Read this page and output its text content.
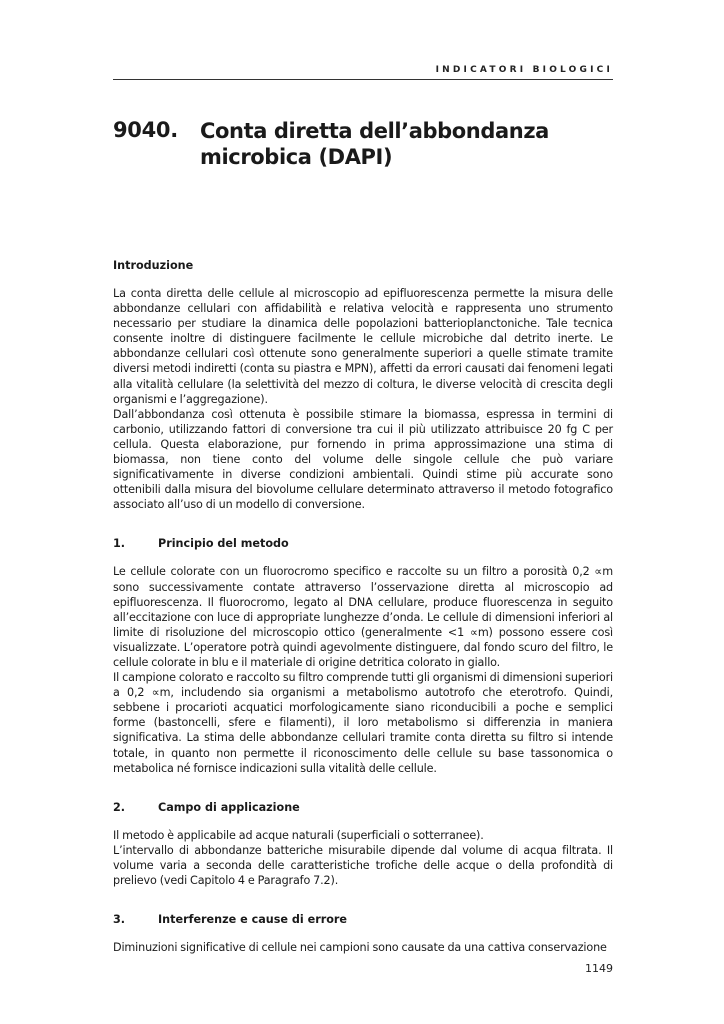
INDICATORI BIOLOGICI
9040. Conta diretta dell’abbondanza microbica (DAPI)
Introduzione

La conta diretta delle cellule al microscopio ad epifluorescenza permette la misura delle abbondanze cellulari con affidabilità e relativa velocità e rappresenta uno strumento necessario per studiare la dinamica delle popolazioni batterioplanctoniche. Tale tecnica consente inoltre di distinguere facilmente le cellule microbiche dal detrito inerte. Le abbondanze cellulari così ottenute sono generalmente superiori a quelle stimate tramite diversi metodi indiretti (conta su piastra e MPN), affetti da errori causati dai fenomeni legati alla vitalità cellulare (la selettività del mezzo di coltura, le diverse velocità di crescita degli organismi e l’aggregazione).

Dall’abbondanza così ottenuta è possibile stimare la biomassa, espressa in termini di carbonio, utilizzando fattori di conversione tra cui il più utilizzato attribuisce 20 fg C per cellula. Questa elaborazione, pur fornendo in prima approssimazione una stima di biomassa, non tiene conto del volume delle singole cellule che può variare significativamente in diverse condizioni ambientali. Quindi stime più accurate sono ottenibili dalla misura del biovolume cellulare determinato attraverso il metodo fotografico associato all’uso di un modello di conversione.

1.	Principio del metodo

Le cellule colorate con un fluorocromo specifico e raccolte su un filtro a porosità 0,2 ∝m sono successivamente contate attraverso l’osservazione diretta al microscopio ad epifluorescenza. Il fluorocromo, legato al DNA cellulare, produce fluorescenza in seguito all’eccitazione con luce di appropriate lunghezze d’onda. Le cellule di dimensioni inferiori al limite di risoluzione del microscopio ottico (generalmente <1 ∝m) possono essere così visualizzate. L’operatore potrà quindi agevolmente distinguere, dal fondo scuro del filtro, le cellule colorate in blu e il materiale di origine detritica colorato in giallo.

Il campione colorato e raccolto su filtro comprende tutti gli organismi di dimensioni superiori a 0,2 ∝m, includendo sia organismi a metabolismo autotrofo che eterotrofo. Quindi, sebbene i procarioti acquatici morfologicamente siano riconducibili a poche e semplici forme (bastoncelli, sfere e filamenti), il loro metabolismo si differenzia in maniera significativa. La stima delle abbondanze cellulari tramite conta diretta su filtro si intende totale, in quanto non permette il riconoscimento delle cellule su base tassonomica o metabolica né fornisce indicazioni sulla vitalità delle cellule.

2.	Campo di applicazione

Il metodo è applicabile ad acque naturali (superficiali o sotterranee).

L’intervallo di abbondanze batteriche misurabile dipende dal volume di acqua filtrata. Il volume varia a seconda delle caratteristiche trofiche delle acque o della profondità di prelievo (vedi Capitolo 4 e Paragrafo 7.2).

3.	Interferenze e cause di errore

Diminuzioni significative di cellule nei campioni sono causate da una cattiva conservazione

1149
